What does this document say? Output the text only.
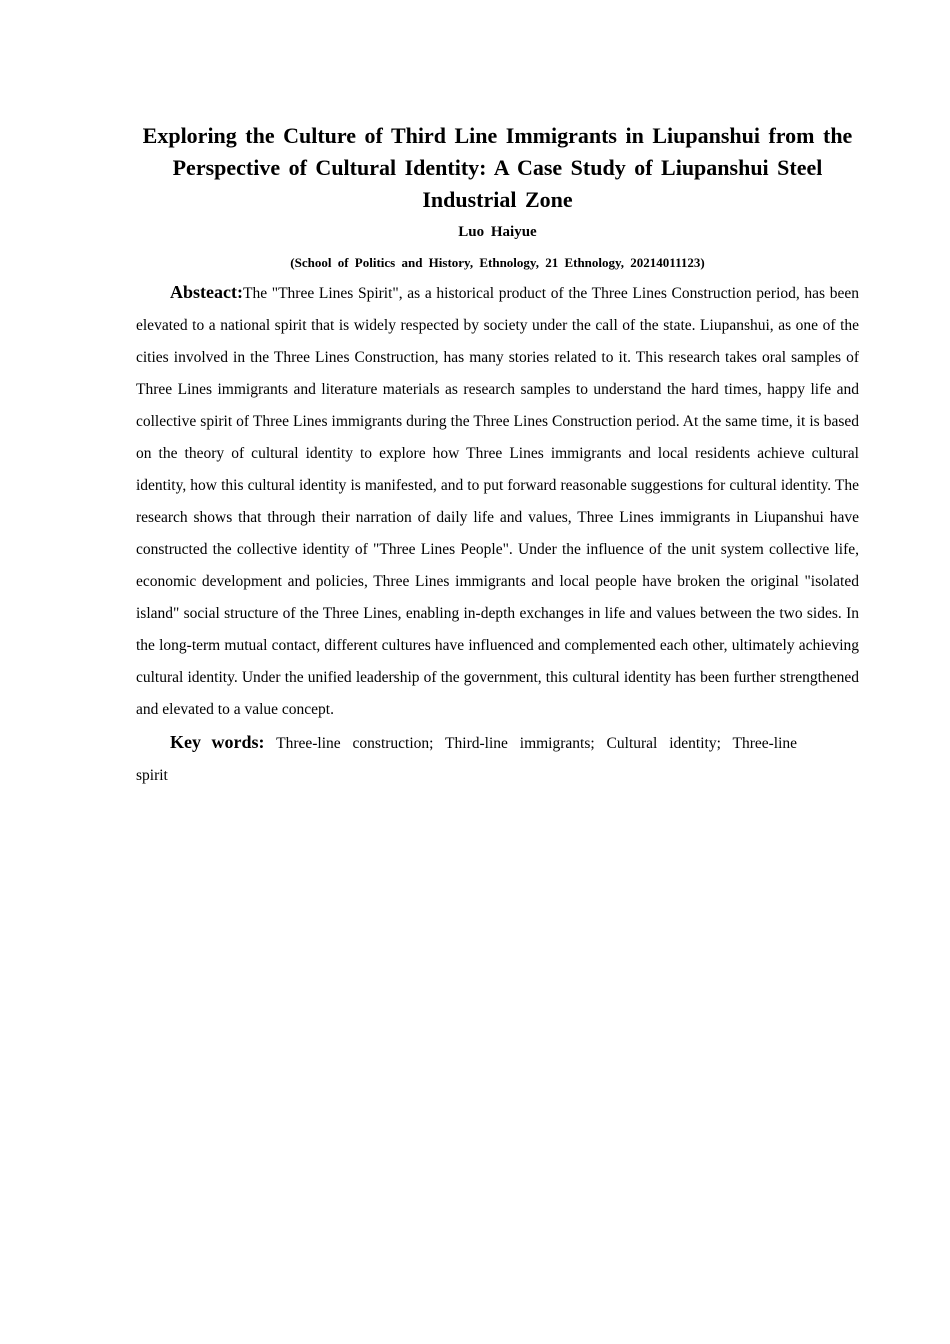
Exploring the Culture of Third Line Immigrants in Liupanshui from the Perspective of Cultural Identity: A Case Study of Liupanshui Steel Industrial Zone
Luo Haiyue
(School of Politics and History, Ethnology, 21 Ethnology, 20214011123)

Absteact:The "Three Lines Spirit", as a historical product of the Three Lines Construction period, has been elevated to a national spirit that is widely respected by society under the call of the state. Liupanshui, as one of the cities involved in the Three Lines Construction, has many stories related to it. This research takes oral samples of Three Lines immigrants and literature materials as research samples to understand the hard times, happy life and collective spirit of Three Lines immigrants during the Three Lines Construction period. At the same time, it is based on the theory of cultural identity to explore how Three Lines immigrants and local residents achieve cultural identity, how this cultural identity is manifested, and to put forward reasonable suggestions for cultural identity. The research shows that through their narration of daily life and values, Three Lines immigrants in Liupanshui have constructed the collective identity of "Three Lines People". Under the influence of the unit system collective life, economic development and policies, Three Lines immigrants and local people have broken the original "isolated island" social structure of the Three Lines, enabling in-depth exchanges in life and values between the two sides. In the long-term mutual contact, different cultures have influenced and complemented each other, ultimately achieving cultural identity. Under the unified leadership of the government, this cultural identity has been further strengthened and elevated to a value concept.

Key words: Three-line construction; Third-line immigrants; Cultural identity; Three-line spirit
